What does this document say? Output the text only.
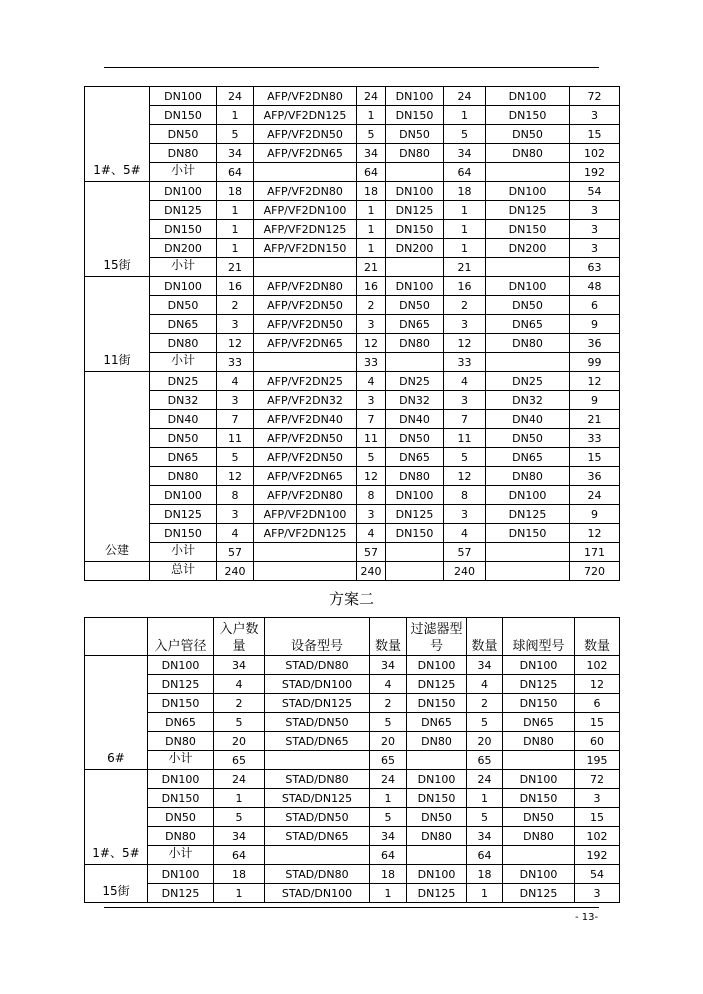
1#、5#	DN100	24	AFP/VF2DN80	24	DN100	24	DN100	72
	DN150	1	AFP/VF2DN125	1	DN150	1	DN150	3
	DN50	5	AFP/VF2DN50	5	DN50	5	DN50	15
	DN80	34	AFP/VF2DN65	34	DN80	34	DN80	102
	小计	64		64		64		192
15街	DN100	18	AFP/VF2DN80	18	DN100	18	DN100	54
	DN125	1	AFP/VF2DN100	1	DN125	1	DN125	3
	DN150	1	AFP/VF2DN125	1	DN150	1	DN150	3
	DN200	1	AFP/VF2DN150	1	DN200	1	DN200	3
	小计	21		21		21		63
11街	DN100	16	AFP/VF2DN80	16	DN100	16	DN100	48
	DN50	2	AFP/VF2DN50	2	DN50	2	DN50	6
	DN65	3	AFP/VF2DN50	3	DN65	3	DN65	9
	DN80	12	AFP/VF2DN65	12	DN80	12	DN80	36
	小计	33		33		33		99
公建	DN25	4	AFP/VF2DN25	4	DN25	4	DN25	12
	DN32	3	AFP/VF2DN32	3	DN32	3	DN32	9
	DN40	7	AFP/VF2DN40	7	DN40	7	DN40	21
	DN50	11	AFP/VF2DN50	11	DN50	11	DN50	33
	DN65	5	AFP/VF2DN50	5	DN65	5	DN65	15
	DN80	12	AFP/VF2DN65	12	DN80	12	DN80	36
	DN100	8	AFP/VF2DN80	8	DN100	8	DN100	24
	DN125	3	AFP/VF2DN100	3	DN125	3	DN125	9
	DN150	4	AFP/VF2DN125	4	DN150	4	DN150	12
	小计	57		57		57		171
	总计	240		240		240		720
方案二
	入户管径	入户数量	设备型号	数量	过滤器型号	数量	球阀型号	数量
6#	DN100	34	STAD/DN80	34	DN100	34	DN100	102
	DN125	4	STAD/DN100	4	DN125	4	DN125	12
	DN150	2	STAD/DN125	2	DN150	2	DN150	6
	DN65	5	STAD/DN50	5	DN65	5	DN65	15
	DN80	20	STAD/DN65	20	DN80	20	DN80	60
	小计	65		65		65		195
1#、5#	DN100	24	STAD/DN80	24	DN100	24	DN100	72
	DN150	1	STAD/DN125	1	DN150	1	DN150	3
	DN50	5	STAD/DN50	5	DN50	5	DN50	15
	DN80	34	STAD/DN65	34	DN80	34	DN80	102
	小计	64		64		64		192
15街	DN100	18	STAD/DN80	18	DN100	18	DN100	54
	DN125	1	STAD/DN100	1	DN125	1	DN125	3
- 13-
